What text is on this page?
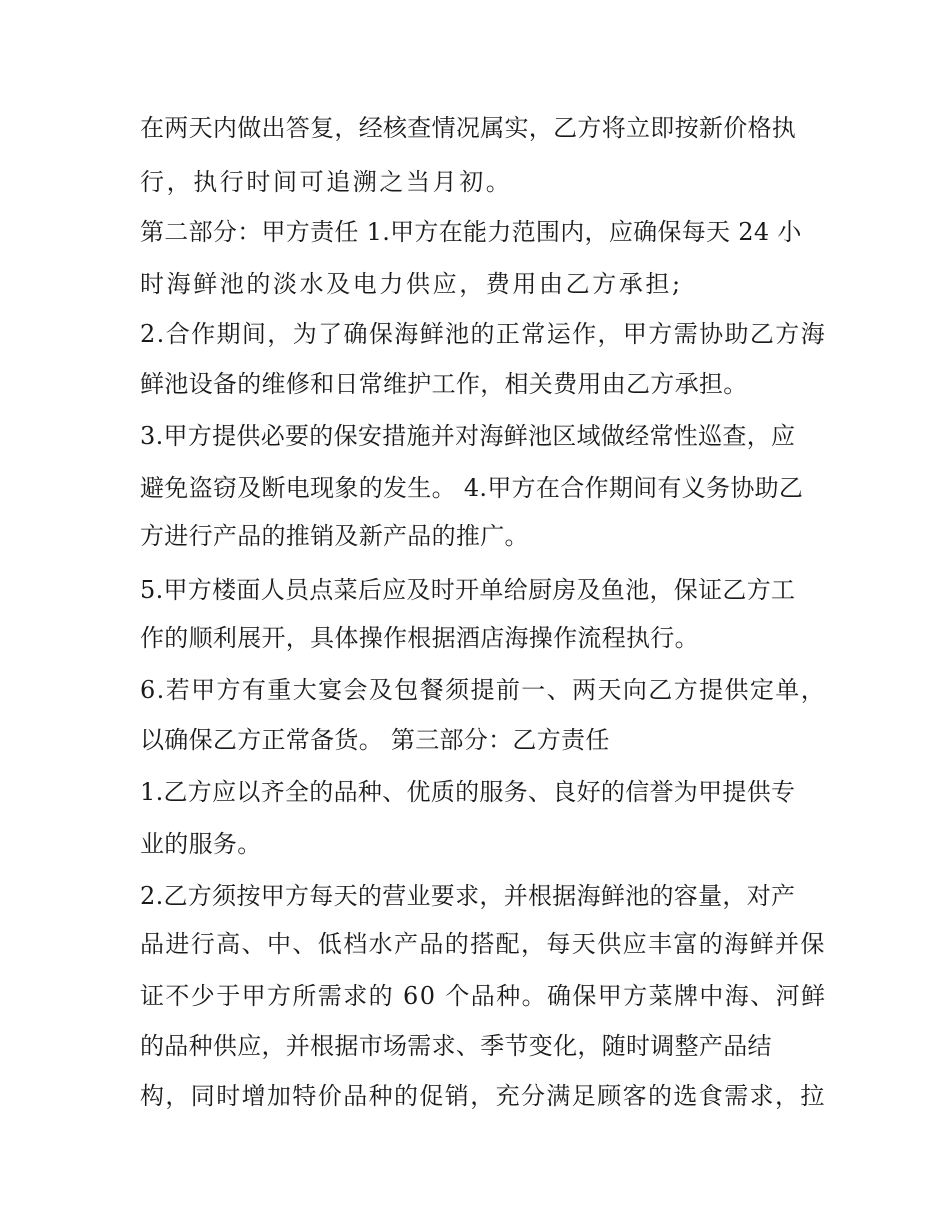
在两天内做出答复，经核查情况属实，乙方将立即按新价格执
行，执行时间可追溯之当月初。
第二部分：甲方责任 1.甲方在能力范围内，应确保每天 24 小
时海鲜池的淡水及电力供应，费用由乙方承担;
2.合作期间，为了确保海鲜池的正常运作，甲方需协助乙方海
鲜池设备的维修和日常维护工作，相关费用由乙方承担。
3.甲方提供必要的保安措施并对海鲜池区域做经常性巡查，应
避免盗窃及断电现象的发生。 4.甲方在合作期间有义务协助乙
方进行产品的推销及新产品的推广。
5.甲方楼面人员点菜后应及时开单给厨房及鱼池，保证乙方工
作的顺利展开，具体操作根据酒店海操作流程执行。
6.若甲方有重大宴会及包餐须提前一、两天向乙方提供定单，
以确保乙方正常备货。 第三部分：乙方责任
1.乙方应以齐全的品种、优质的服务、良好的信誉为甲提供专
业的服务。
2.乙方须按甲方每天的营业要求，并根据海鲜池的容量，对产
品进行高、中、低档水产品的搭配，每天供应丰富的海鲜并保
证不少于甲方所需求的 60 个品种。确保甲方菜牌中海、河鲜
的品种供应，并根据市场需求、季节变化，随时调整产品结
构，同时增加特价品种的促销，充分满足顾客的选食需求，拉
